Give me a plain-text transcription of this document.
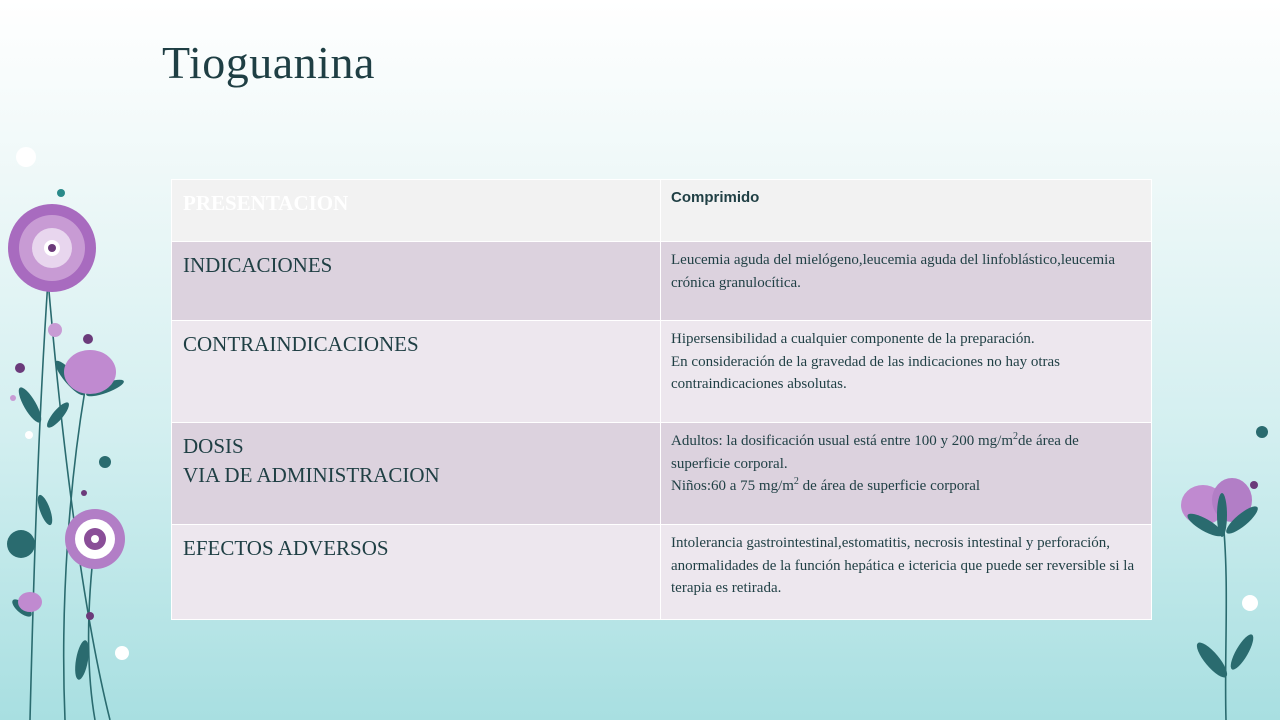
Tioguanina
PRESENTACION	Comprimido
INDICACIONES	Leucemia aguda del mielógeno,leucemia aguda del linfoblástico,leucemia crónica granulocítica.
CONTRAINDICACIONES	Hipersensibilidad a cualquier componente de la preparación.
En consideración de la gravedad de las indicaciones no hay otras contraindicaciones absolutas.

DOSIS
VIA DE ADMINISTRACION	Adultos: la dosificación usual está entre 100 y 200 $mg/m^2de$ área de superficie corporal.
Niños:60 a 75 $mg/m^2$ de área de superficie corporal

EFECTOS ADVERSOS	Intolerancia gastrointestinal,estomatitis, necrosis intestinal y perforación, anormalidades de la función hepática e ictericia que puede ser reversible si la terapia es retirada.
